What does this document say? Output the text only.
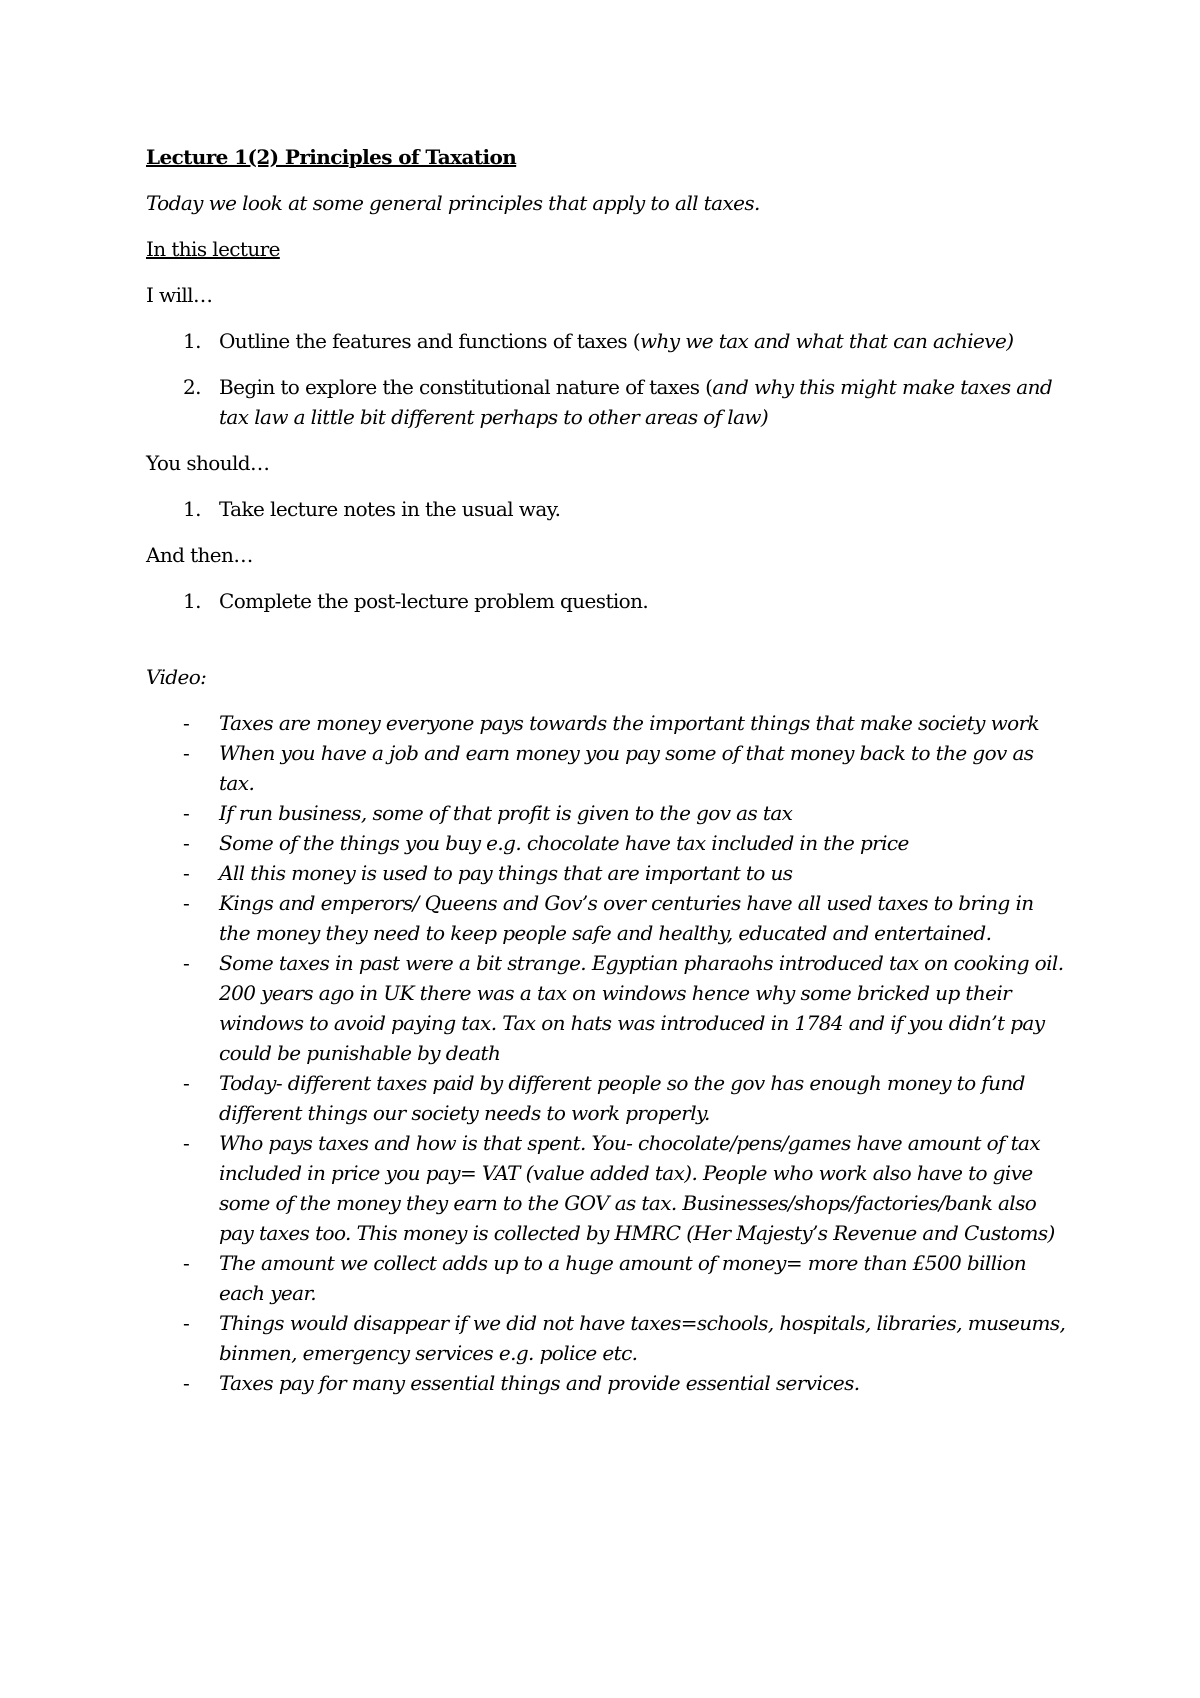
Lecture 1(2) Principles of Taxation
Today we look at some general principles that apply to all taxes.
In this lecture
I will…
1. Outline the features and functions of taxes (why we tax and what that can achieve)
2. Begin to explore the constitutional nature of taxes (and why this might make taxes and tax law a little bit different perhaps to other areas of law)
You should…
1. Take lecture notes in the usual way.
And then…
1. Complete the post-lecture problem question.
Video:
- Taxes are money everyone pays towards the important things that make society work
- When you have a job and earn money you pay some of that money back to the gov as tax.
- If run business, some of that profit is given to the gov as tax
- Some of the things you buy e.g. chocolate have tax included in the price
- All this money is used to pay things that are important to us
- Kings and emperors/ Queens and Gov’s over centuries have all used taxes to bring in the money they need to keep people safe and healthy, educated and entertained.
- Some taxes in past were a bit strange. Egyptian pharaohs introduced tax on cooking oil. 200 years ago in UK there was a tax on windows hence why some bricked up their windows to avoid paying tax. Tax on hats was introduced in 1784 and if you didn’t pay could be punishable by death
- Today- different taxes paid by different people so the gov has enough money to fund different things our society needs to work properly.
- Who pays taxes and how is that spent. You- chocolate/pens/games have amount of tax included in price you pay= VAT (value added tax). People who work also have to give some of the money they earn to the GOV as tax. Businesses/shops/factories/bank also pay taxes too. This money is collected by HMRC (Her Majesty’s Revenue and Customs)
- The amount we collect adds up to a huge amount of money= more than £500 billion each year.
- Things would disappear if we did not have taxes=schools, hospitals, libraries, museums, binmen, emergency services e.g. police etc.
- Taxes pay for many essential things and provide essential services.
